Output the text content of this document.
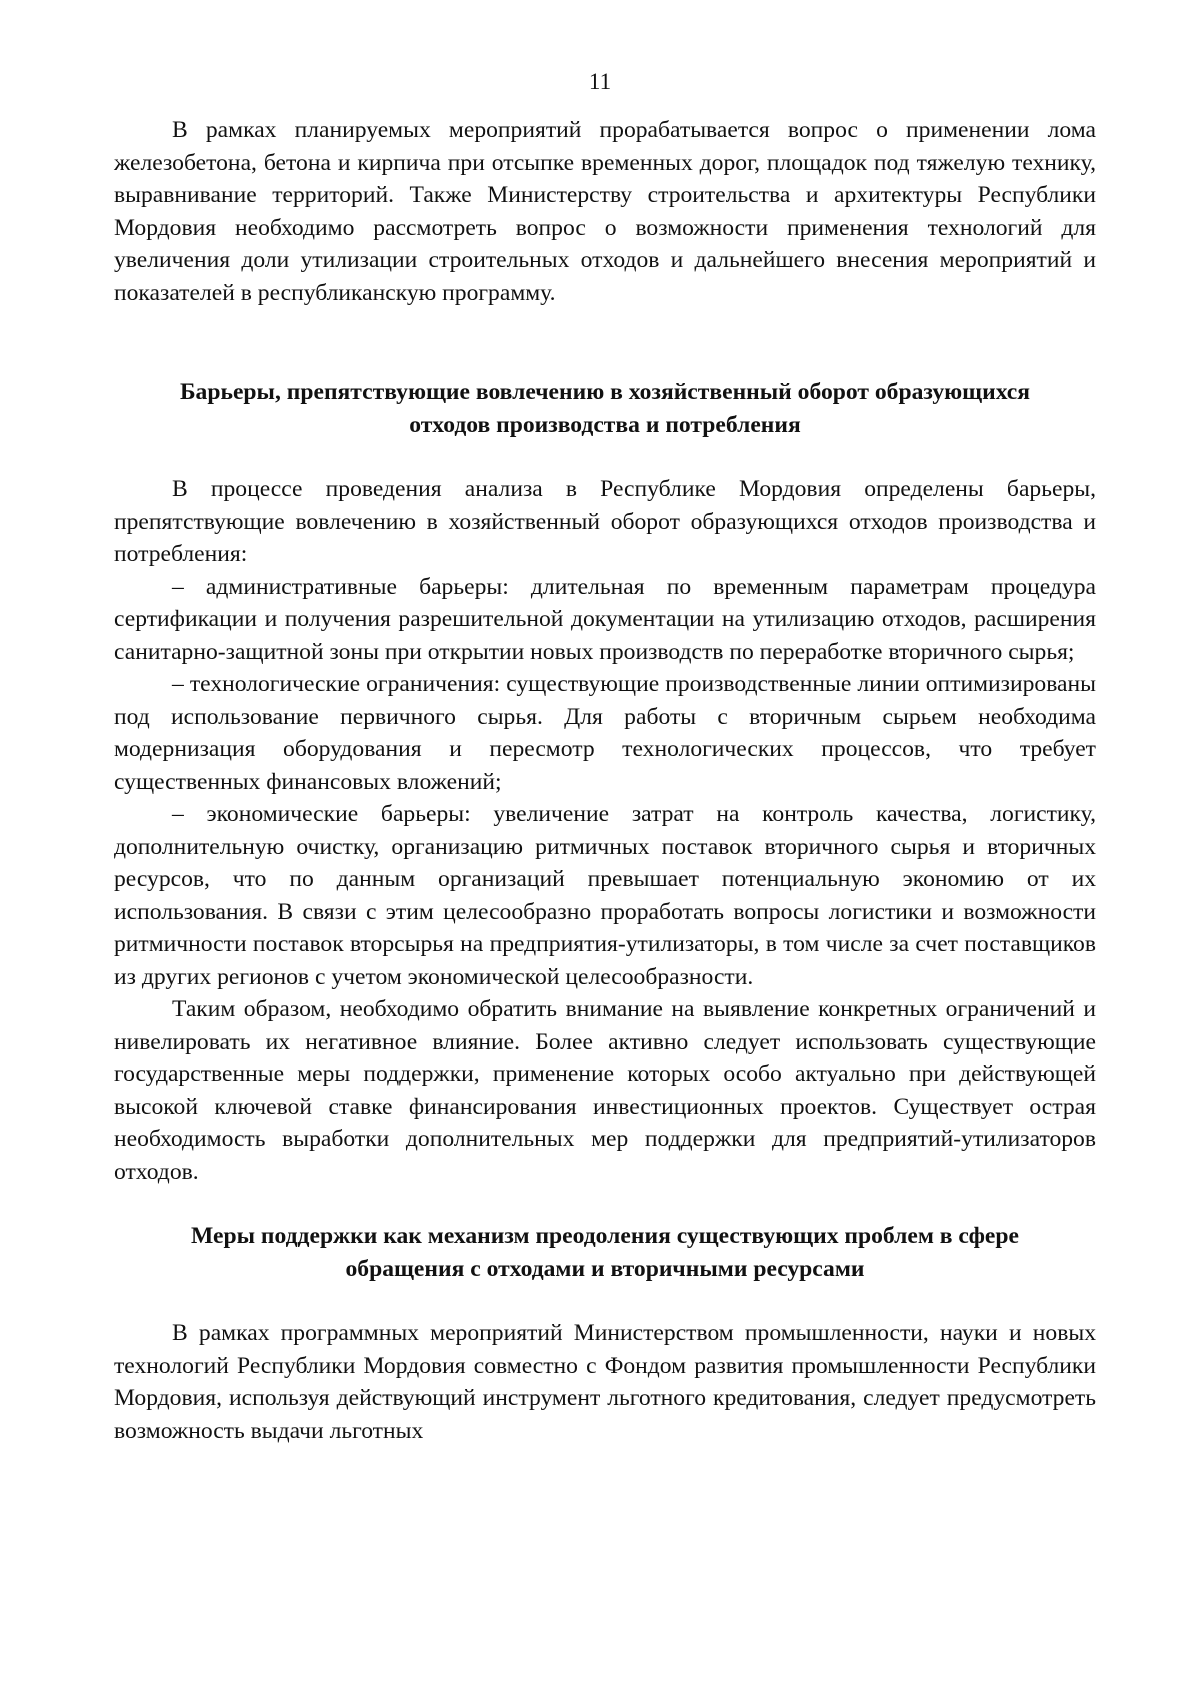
11

В рамках планируемых мероприятий прорабатывается вопрос о применении лома железобетона, бетона и кирпича при отсыпке временных дорог, площадок под тяжелую технику, выравнивание территорий. Также Министерству строительства и архитектуры Республики Мордовия необходимо рассмотреть вопрос о возможности применения технологий для увеличения доли утилизации строительных отходов и дальнейшего внесения мероприятий и показателей в республиканскую программу.

Барьеры, препятствующие вовлечению в хозяйственный оборот образующихся отходов производства и потребления

В процессе проведения анализа в Республике Мордовия определены барьеры, препятствующие вовлечению в хозяйственный оборот образующихся отходов производства и потребления:

– административные барьеры: длительная по временным параметрам процедура сертификации и получения разрешительной документации на утилизацию отходов, расширения санитарно-защитной зоны при открытии новых производств по переработке вторичного сырья;

– технологические ограничения: существующие производственные линии оптимизированы под использование первичного сырья. Для работы с вторичным сырьем необходима модернизация оборудования и пересмотр технологических процессов, что требует существенных финансовых вложений;

– экономические барьеры: увеличение затрат на контроль качества, логистику, дополнительную очистку, организацию ритмичных поставок вторичного сырья и вторичных ресурсов, что по данным организаций превышает потенциальную экономию от их использования. В связи с этим целесообразно проработать вопросы логистики и возможности ритмичности поставок вторсырья на предприятия-утилизаторы, в том числе за счет поставщиков из других регионов с учетом экономической целесообразности.

Таким образом, необходимо обратить внимание на выявление конкретных ограничений и нивелировать их негативное влияние. Более активно следует использовать существующие государственные меры поддержки, применение которых особо актуально при действующей высокой ключевой ставке финансирования инвестиционных проектов. Существует острая необходимость выработки дополнительных мер поддержки для предприятий-утилизаторов отходов.

Меры поддержки как механизм преодоления существующих проблем в сфере обращения с отходами и вторичными ресурсами

В рамках программных мероприятий Министерством промышленности, науки и новых технологий Республики Мордовия совместно с Фондом развития промышленности Республики Мордовия, используя действующий инструмент льготного кредитования, следует предусмотреть возможность выдачи льготных
